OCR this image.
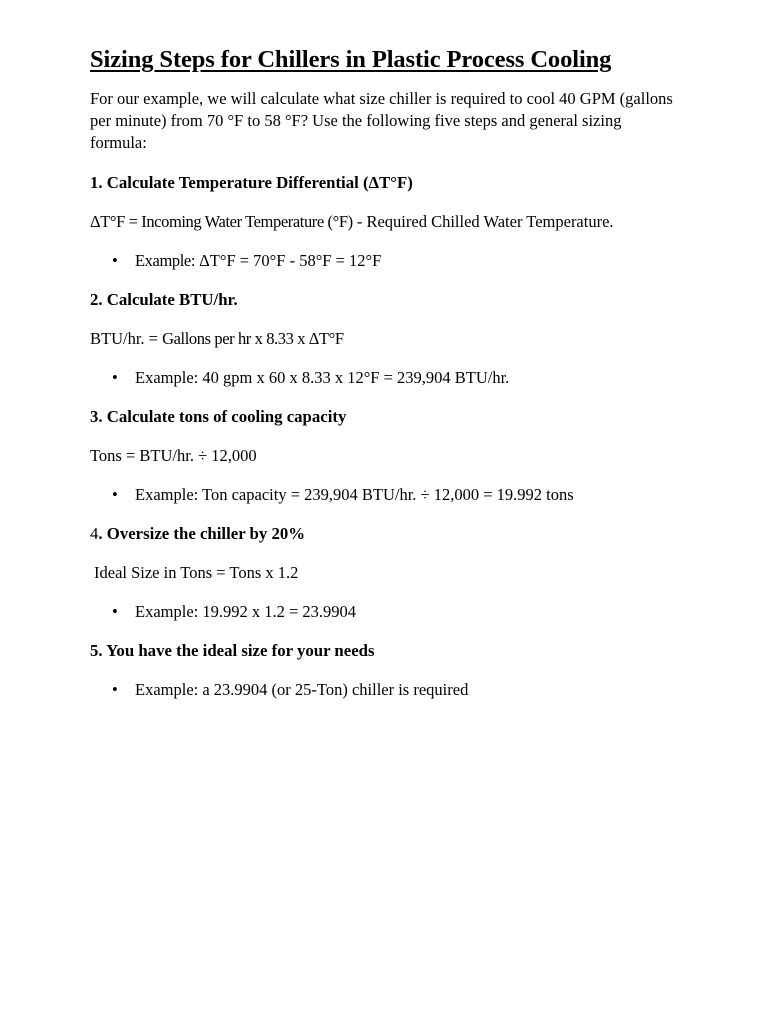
Sizing Steps for Chillers in Plastic Process Cooling

For our example, we will calculate what size chiller is required to cool 40 GPM (gallons per minute) from 70 °F to 58 °F? Use the following five steps and general sizing formula:

1. Calculate Temperature Differential (ΔT°F)
ΔT°F = Incoming Water Temperature (°F) - Required Chilled Water Temperature.
• Example: ΔT°F = 70°F - 58°F = 12°F
2. Calculate BTU/hr.
BTU/hr. = Gallons per hr x 8.33 x ΔT°F
• Example: 40 gpm x 60 x 8.33 x 12°F = 239,904 BTU/hr.
3. Calculate tons of cooling capacity
Tons = BTU/hr. ÷ 12,000
• Example: Ton capacity = 239,904 BTU/hr. ÷ 12,000 = 19.992 tons
4. Oversize the chiller by 20%
Ideal Size in Tons = Tons x 1.2
• Example: 19.992 x 1.2 = 23.9904
5. You have the ideal size for your needs
• Example: a 23.9904 (or 25-Ton) chiller is required
